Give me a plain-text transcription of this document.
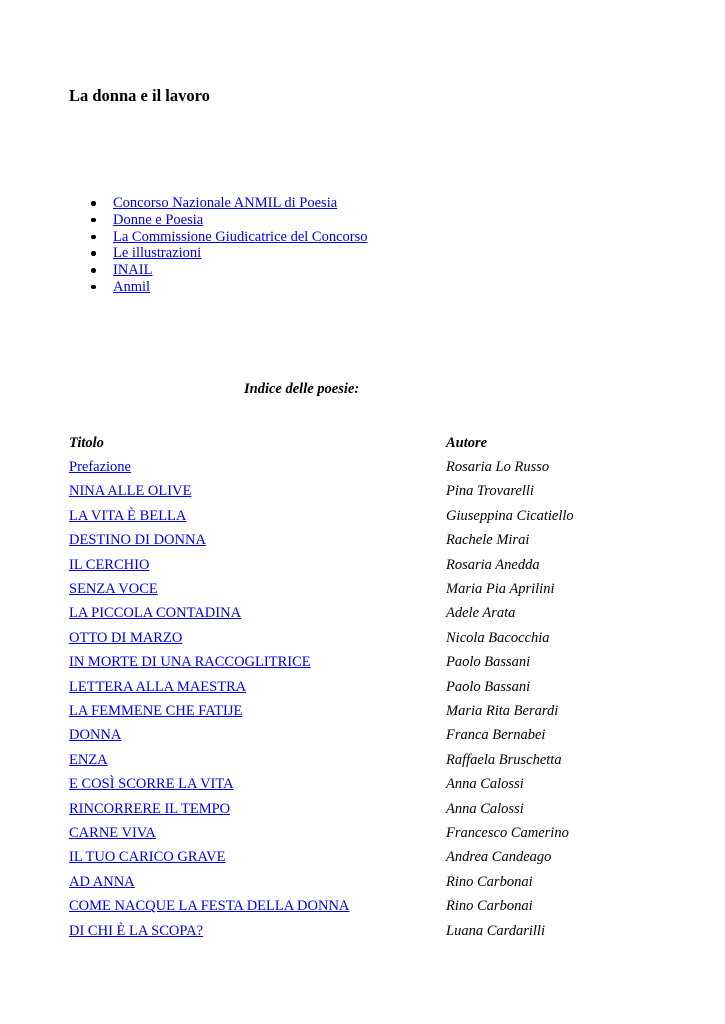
La donna e il lavoro
Concorso Nazionale ANMIL di Poesia
Donne e Poesia
La Commissione Giudicatrice del Concorso
Le illustrazioni
INAIL
Anmil

Indice delle poesie:

Titolo	Autore
Prefazione	Rosaria Lo Russo
NINA ALLE OLIVE	Pina Trovarelli
LA VITA È BELLA	Giuseppina Cicatiello
DESTINO DI DONNA	Rachele Mirai
IL CERCHIO	Rosaria Anedda
SENZA VOCE	Maria Pia Aprilini
LA PICCOLA CONTADINA	Adele Arata
OTTO DI MARZO	Nicola Bacocchia
IN MORTE DI UNA RACCOGLITRICE	Paolo Bassani
LETTERA ALLA MAESTRA	Paolo Bassani
LA FEMMENE CHE FATIJE	Maria Rita Berardi
DONNA	Franca Bernabei
ENZA	Raffaela Bruschetta
E COSÌ SCORRE LA VITA	Anna Calossi
RINCORRERE IL TEMPO	Anna Calossi
CARNE VIVA	Francesco Camerino
IL TUO CARICO GRAVE	Andrea Candeago
AD ANNA	Rino Carbonai
COME NACQUE LA FESTA DELLA DONNA	Rino Carbonai
DI CHI È LA SCOPA?	Luana Cardarilli
